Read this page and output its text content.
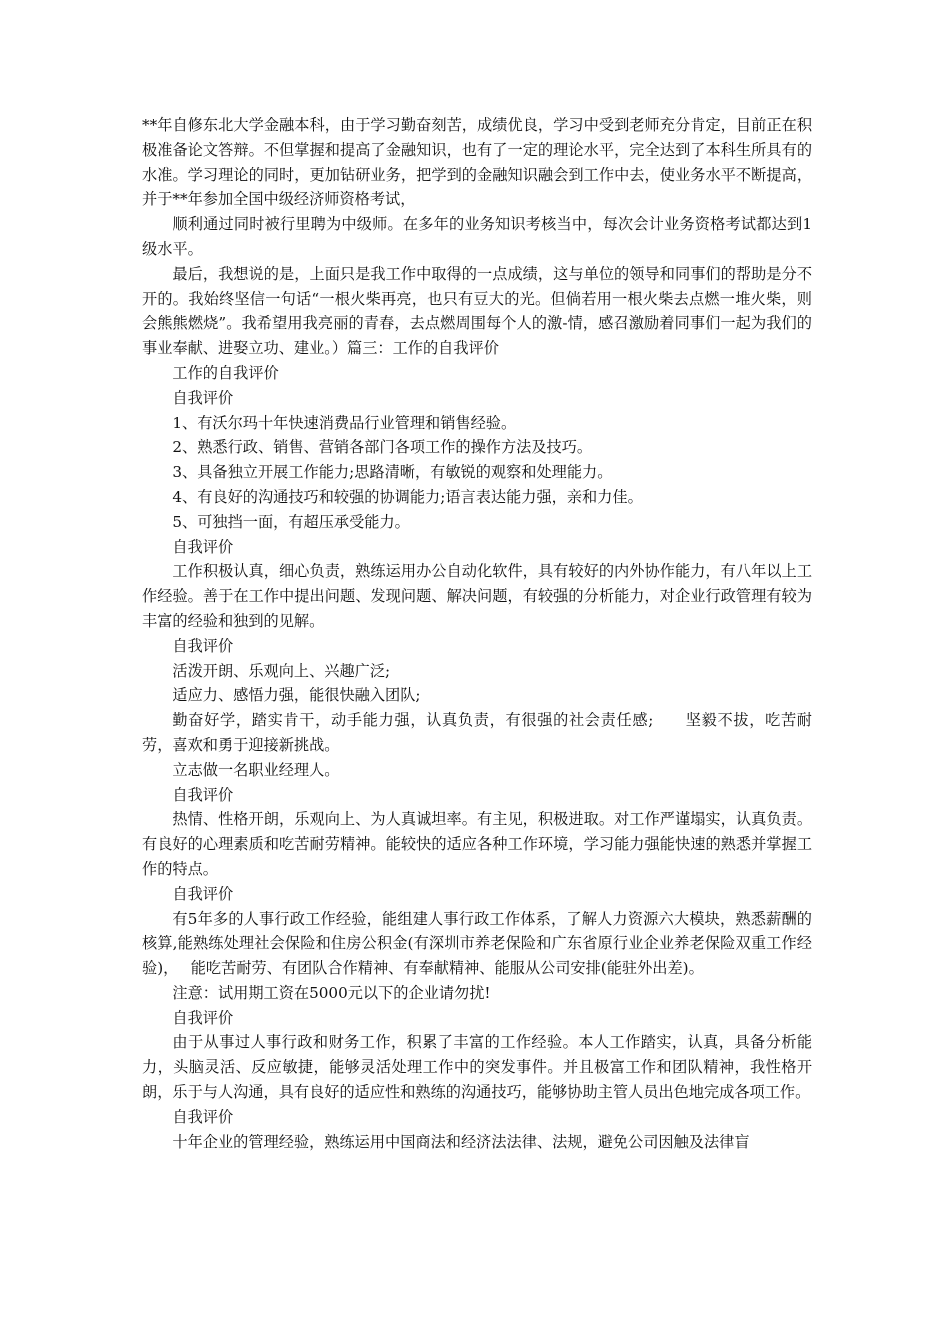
**年自修东北大学金融本科，由于学习勤奋刻苦，成绩优良，学习中受到老师充分肯定，目前正在积极准备论文答辩。不但掌握和提高了金融知识，也有了一定的理论水平，完全达到了本科生所具有的水准。学习理论的同时，更加钻研业务，把学到的金融知识融会到工作中去，使业务水平不断提高，并于**年参加全国中级经济师资格考试，

顺利通过同时被行里聘为中级师。在多年的业务知识考核当中，每次会计业务资格考试都达到1级水平。

最后，我想说的是，上面只是我工作中取得的一点成绩，这与单位的领导和同事们的帮助是分不开的。我始终坚信一句话“一根火柴再亮，也只有豆大的光。但倘若用一根火柴去点燃一堆火柴，则会熊熊燃烧”。我希望用我亮丽的青春，去点燃周围每个人的激-情，感召激励着同事们一起为我们的事业奉献、进娶立功、建业。）篇三：工作的自我评价

工作的自我评价

自我评价

1、有沃尔玛十年快速消费品行业管理和销售经验。

2、熟悉行政、销售、营销各部门各项工作的操作方法及技巧。

3、具备独立开展工作能力;思路清晰，有敏锐的观察和处理能力。

4、有良好的沟通技巧和较强的协调能力;语言表达能力强，亲和力佳。

5、可独挡一面，有超压承受能力。

自我评价

工作积极认真，细心负责，熟练运用办公自动化软件，具有较好的内外协作能力，有八年以上工作经验。善于在工作中提出问题、发现问题、解决问题，有较强的分析能力，对企业行政管理有较为丰富的经验和独到的见解。

自我评价

活泼开朗、乐观向上、兴趣广泛;

适应力、感悟力强，能很快融入团队;

勤奋好学，踏实肯干，动手能力强，认真负责，有很强的社会责任感;　　坚毅不拔，吃苦耐劳，喜欢和勇于迎接新挑战。

立志做一名职业经理人。

自我评价

热情、性格开朗，乐观向上、为人真诚坦率。有主见，积极进取。对工作严谨塌实，认真负责。有良好的心理素质和吃苦耐劳精神。能较快的适应各种工作环境，学习能力强能快速的熟悉并掌握工作的特点。

自我评价

有5年多的人事行政工作经验，能组建人事行政工作体系，了解人力资源六大模块，熟悉薪酬的核算,能熟练处理社会保险和住房公积金(有深圳市养老保险和广东省原行业企业养老保险双重工作经验)，　 能吃苦耐劳、有团队合作精神、有奉献精神、能服从公司安排(能驻外出差)。

注意：试用期工资在5000元以下的企业请勿扰!

自我评价

由于从事过人事行政和财务工作，积累了丰富的工作经验。本人工作踏实，认真，具备分析能力，头脑灵活、反应敏捷，能够灵活处理工作中的突发事件。并且极富工作和团队精神，我性格开朗，乐于与人沟通，具有良好的适应性和熟练的沟通技巧，能够协助主管人员出色地完成各项工作。

自我评价

十年企业的管理经验，熟练运用中国商法和经济法法律、法规，避免公司因触及法律盲
